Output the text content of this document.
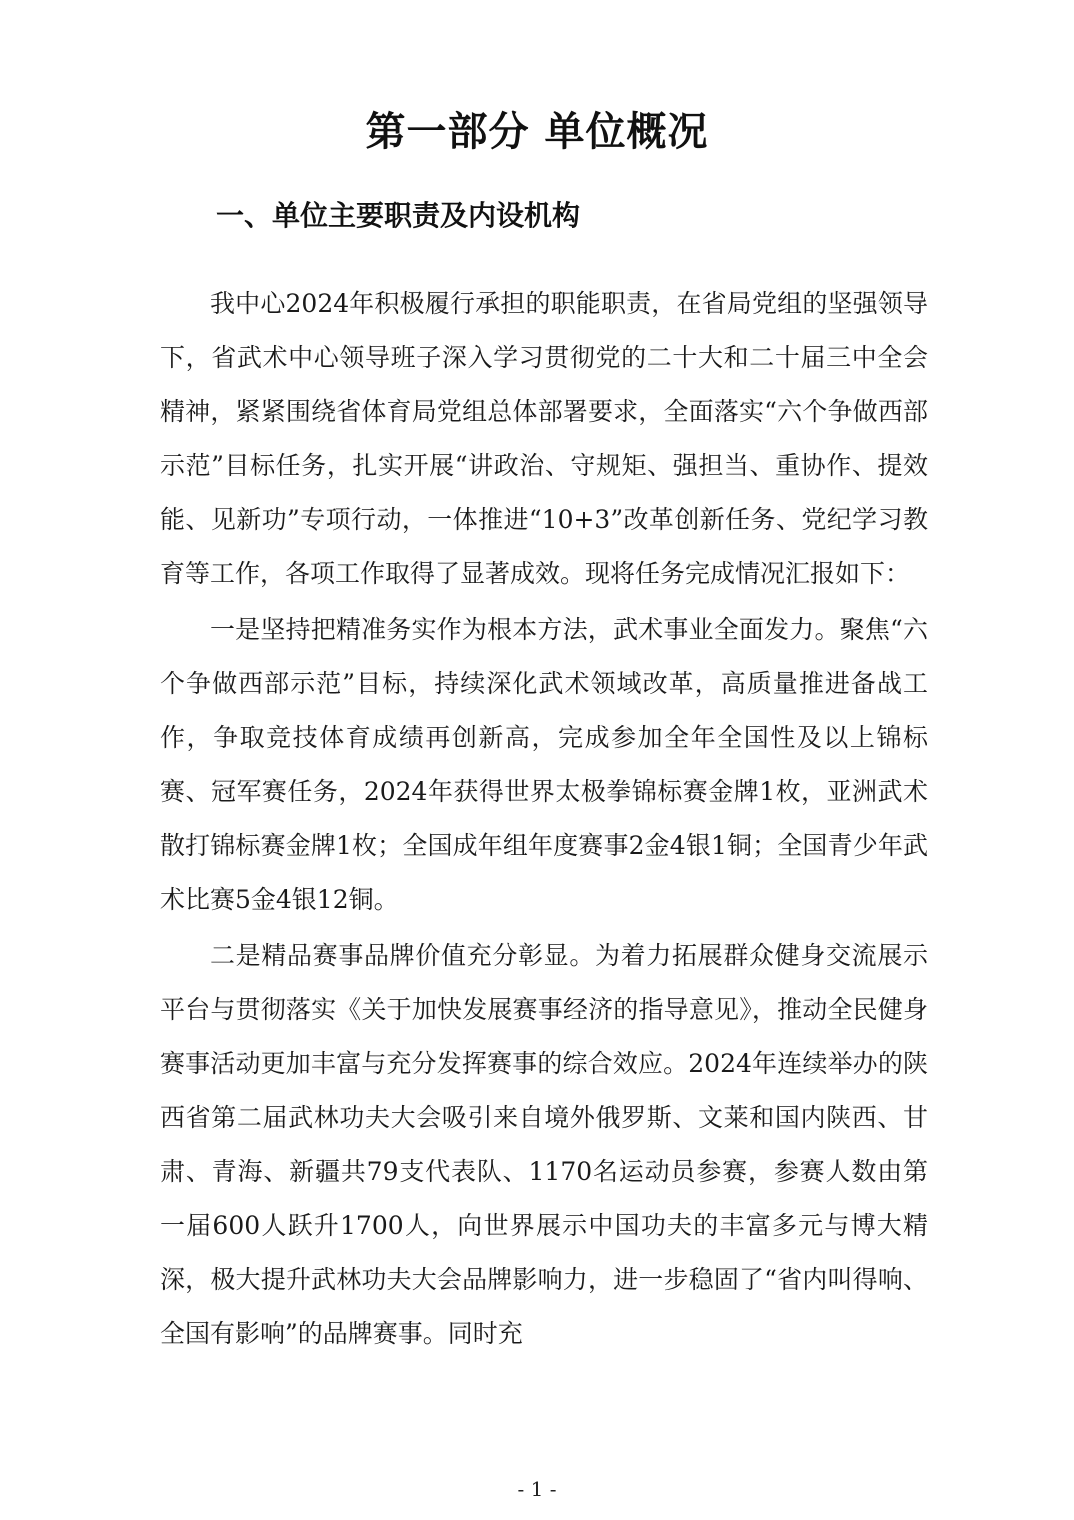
第一部分 单位概况
一、单位主要职责及内设机构

我中心2024年积极履行承担的职能职责，在省局党组的坚强领导下，省武术中心领导班子深入学习贯彻党的二十大和二十届三中全会精神，紧紧围绕省体育局党组总体部署要求，全面落实“六个争做西部示范”目标任务，扎实开展“讲政治、守规矩、强担当、重协作、提效能、见新功”专项行动，一体推进“10+3”改革创新任务、党纪学习教育等工作，各项工作取得了显著成效。现将任务完成情况汇报如下：

一是坚持把精准务实作为根本方法，武术事业全面发力。聚焦“六个争做西部示范”目标，持续深化武术领域改革，高质量推进备战工作，争取竞技体育成绩再创新高，完成参加全年全国性及以上锦标赛、冠军赛任务，2024年获得世界太极拳锦标赛金牌1枚，亚洲武术散打锦标赛金牌1枚；全国成年组年度赛事2金4银1铜；全国青少年武术比赛5金4银12铜。

二是精品赛事品牌价值充分彰显。为着力拓展群众健身交流展示平台与贯彻落实《关于加快发展赛事经济的指导意见》，推动全民健身赛事活动更加丰富与充分发挥赛事的综合效应。2024年连续举办的陕西省第二届武林功夫大会吸引来自境外俄罗斯、文莱和国内陕西、甘肃、青海、新疆共79支代表队、1170名运动员参赛，参赛人数由第一届600人跃升1700人，向世界展示中国功夫的丰富多元与博大精深，极大提升武林功夫大会品牌影响力，进一步稳固了“省内叫得响、全国有影响”的品牌赛事。同时充

- 1 -
